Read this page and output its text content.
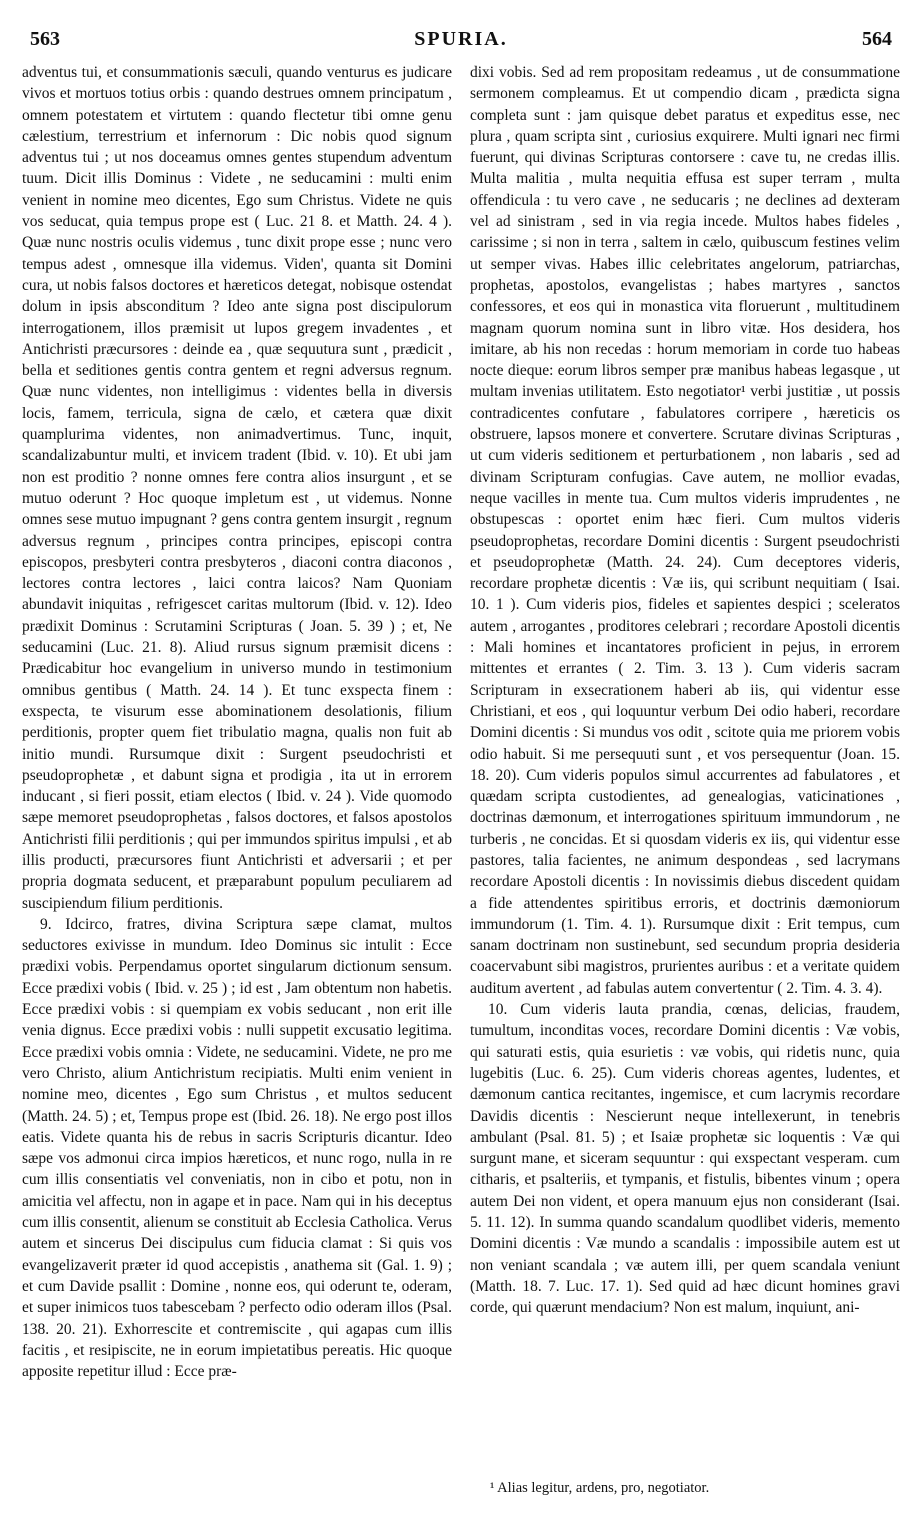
563	SPURIA.	564

adventus tui, et consummationis sæculi, quando venturus es judicare vivos et mortuos totius orbis : quando destrues omnem principatum , omnem potestatem et virtutem : quando flectetur tibi omne genu cælestium, terrestrium et infernorum : Dic nobis quod signum adventus tui ; ut nos doceamus omnes gentes stupendum adventum tuum. Dicit illis Dominus : Videte , ne seducamini : multi enim venient in nomine meo dicentes, Ego sum Christus. Videte ne quis vos seducat, quia tempus prope est ( Luc. 21 8. et Matth. 24. 4 ). Quæ nunc nostris oculis videmus , tunc dixit prope esse ; nunc vero tempus adest , omnesque illa videmus. Viden', quanta sit Domini cura, ut nobis falsos doctores et hæreticos detegat, nobisque ostendat dolum in ipsis absconditum ? Ideo ante signa post discipulorum interrogationem, illos præmisit ut lupos gregem invadentes , et Antichristi præcursores : deinde ea , quæ sequutura sunt , prædicit , bella et seditiones gentis contra gentem et regni adversus regnum. Quæ nunc videntes, non intelligimus : videntes bella in diversis locis, famem, terricula, signa de cælo, et cætera quæ dixit quamplurima videntes, non animadvertimus. Tunc, inquit, scandalizabuntur multi, et invicem tradent (Ibid. v. 10). Et ubi jam non est proditio ? nonne omnes fere contra alios insurgunt , et se mutuo oderunt ? Hoc quoque impletum est , ut videmus. Nonne omnes sese mutuo impugnant ? gens contra gentem insurgit , regnum adversus regnum , principes contra principes, episcopi contra episcopos, presbyteri contra presbyteros , diaconi contra diaconos , lectores contra lectores , laici contra laicos? Nam Quoniam abundavit iniquitas , refrigescet caritas multorum (Ibid. v. 12). Ideo prædixit Dominus : Scrutamini Scripturas ( Joan. 5. 39 ) ; et, Ne seducamini (Luc. 21. 8). Aliud rursus signum præmisit dicens : Prædicabitur hoc evangelium in universo mundo in testimonium omnibus gentibus ( Matth. 24. 14 ). Et tunc exspecta finem : exspecta, te visurum esse abominationem desolationis, filium perditionis, propter quem fiet tribulatio magna, qualis non fuit ab initio mundi. Rursumque dixit : Surgent pseudochristi et pseudoprophetæ , et dabunt signa et prodigia , ita ut in errorem inducant , si fieri possit, etiam electos ( Ibid. v. 24 ). Vide quomodo sæpe memoret pseudoprophetas , falsos doctores, et falsos apostolos Antichristi filii perditionis ; qui per immundos spiritus impulsi , et ab illis producti, præcursores fiunt Antichristi et adversarii ; et per propria dogmata seducent, et præparabunt populum peculiarem ad suscipiendum filium perditionis.

9. Idcirco, fratres, divina Scriptura sæpe clamat, multos seductores exivisse in mundum. Ideo Dominus sic intulit : Ecce prædixi vobis. Perpendamus oportet singularum dictionum sensum. Ecce prædixi vobis ( Ibid. v. 25 ) ; id est , Jam obtentum non habetis. Ecce prædixi vobis : si quempiam ex vobis seducant , non erit ille venia dignus. Ecce prædixi vobis : nulli suppetit excusatio legitima. Ecce prædixi vobis omnia : Videte, ne seducamini. Videte, ne pro me vero Christo, alium Antichristum recipiatis. Multi enim venient in nomine meo, dicentes , Ego sum Christus , et multos seducent (Matth. 24. 5) ; et, Tempus prope est (Ibid. 26. 18). Ne ergo post illos eatis. Videte quanta his de rebus in sacris Scripturis dicantur. Ideo sæpe vos admonui circa impios hæreticos, et nunc rogo, nulla in re cum illis consentiatis vel conveniatis, non in cibo et potu, non in amicitia vel affectu, non in agape et in pace. Nam qui in his deceptus cum illis consentit, alienum se constituit ab Ecclesia Catholica. Verus autem et sincerus Dei discipulus cum fiducia clamat : Si quis vos evangelizaverit præter id quod accepistis , anathema sit (Gal. 1. 9) ; et cum Davide psallit : Domine , nonne eos, qui oderunt te, oderam, et super inimicos tuos tabescebam ? perfecto odio oderam illos (Psal. 138. 20. 21). Exhorrescite et contremiscite , qui agapas cum illis facitis , et resipiscite, ne in eorum impietatibus pereatis. Hic quoque apposite repetitur illud : Ecce præ-

dixi vobis. Sed ad rem propositam redeamus , ut de consummatione sermonem compleamus. Et ut compendio dicam , prædicta signa completa sunt : jam quisque debet paratus et expeditus esse, nec plura , quam scripta sint , curiosius exquirere. Multi ignari nec firmi fuerunt, qui divinas Scripturas contorsere : cave tu, ne credas illis. Multa malitia , multa nequitia effusa est super terram , multa offendicula : tu vero cave , ne seducaris ; ne declines ad dexteram vel ad sinistram , sed in via regia incede. Multos habes fideles , carissime ; si non in terra , saltem in cælo, quibuscum festines velim ut semper vivas. Habes illic celebritates angelorum, patriarchas, prophetas, apostolos, evangelistas ; habes martyres , sanctos confessores, et eos qui in monastica vita floruerunt , multitudinem magnam quorum nomina sunt in libro vitæ. Hos desidera, hos imitare, ab his non recedas : horum memoriam in corde tuo habeas nocte dieque: eorum libros semper præ manibus habeas legasque , ut multam invenias utilitatem. Esto negotiator¹ verbi justitiæ , ut possis contradicentes confutare , fabulatores corripere , hæreticis os obstruere, lapsos monere et convertere. Scrutare divinas Scripturas , ut cum videris seditionem et perturbationem , non labaris , sed ad divinam Scripturam confugias. Cave autem, ne mollior evadas, neque vacilles in mente tua. Cum multos videris imprudentes , ne obstupescas : oportet enim hæc fieri. Cum multos videris pseudoprophetas, recordare Domini dicentis : Surgent pseudochristi et pseudoprophetæ (Matth. 24. 24). Cum deceptores videris, recordare prophetæ dicentis : Væ iis, qui scribunt nequitiam ( Isai. 10. 1 ). Cum videris pios, fideles et sapientes despici ; sceleratos autem , arrogantes , proditores celebrari ; recordare Apostoli dicentis : Mali homines et incantatores proficient in pejus, in errorem mittentes et errantes ( 2. Tim. 3. 13 ). Cum videris sacram Scripturam in exsecrationem haberi ab iis, qui videntur esse Christiani, et eos , qui loquuntur verbum Dei odio haberi, recordare Domini dicentis : Si mundus vos odit , scitote quia me priorem vobis odio habuit. Si me persequuti sunt , et vos persequentur (Joan. 15. 18. 20). Cum videris populos simul accurrentes ad fabulatores , et quædam scripta custodientes, ad genealogias, vaticinationes , doctrinas dæmonum, et interrogationes spirituum immundorum , ne turberis , ne concidas. Et si quosdam videris ex iis, qui videntur esse pastores, talia facientes, ne animum despondeas , sed lacrymans recordare Apostoli dicentis : In novissimis diebus discedent quidam a fide attendentes spiritibus erroris, et doctrinis dæmoniorum immundorum (1. Tim. 4. 1). Rursumque dixit : Erit tempus, cum sanam doctrinam non sustinebunt, sed secundum propria desideria coacervabunt sibi magistros, prurientes auribus : et a veritate quidem auditum avertent , ad fabulas autem convertentur ( 2. Tim. 4. 3. 4).

10. Cum videris lauta prandia, cœnas, delicias, fraudem, tumultum, inconditas voces, recordare Domini dicentis : Væ vobis, qui saturati estis, quia esurietis : væ vobis, qui ridetis nunc, quia lugebitis (Luc. 6. 25). Cum videris choreas agentes, ludentes, et dæmonum cantica recitantes, ingemisce, et cum lacrymis recordare Davidis dicentis : Nescierunt neque intellexerunt, in tenebris ambulant (Psal. 81. 5) ; et Isaiæ prophetæ sic loquentis : Væ qui surgunt mane, et siceram sequuntur : qui exspectant vesperam. cum citharis, et psalteriis, et tympanis, et fistulis, bibentes vinum ; opera autem Dei non vident, et opera manuum ejus non considerant (Isai. 5. 11. 12). In summa quando scandalum quodlibet videris, memento Domini dicentis : Væ mundo a scandalis : impossibile autem est ut non veniant scandala ; væ autem illi, per quem scandala veniunt (Matth. 18. 7. Luc. 17. 1). Sed quid ad hæc dicunt homines gravi corde, qui quærunt mendacium? Non est malum, inquiunt, ani-

¹ Alias legitur, ardens, pro, negotiator.
